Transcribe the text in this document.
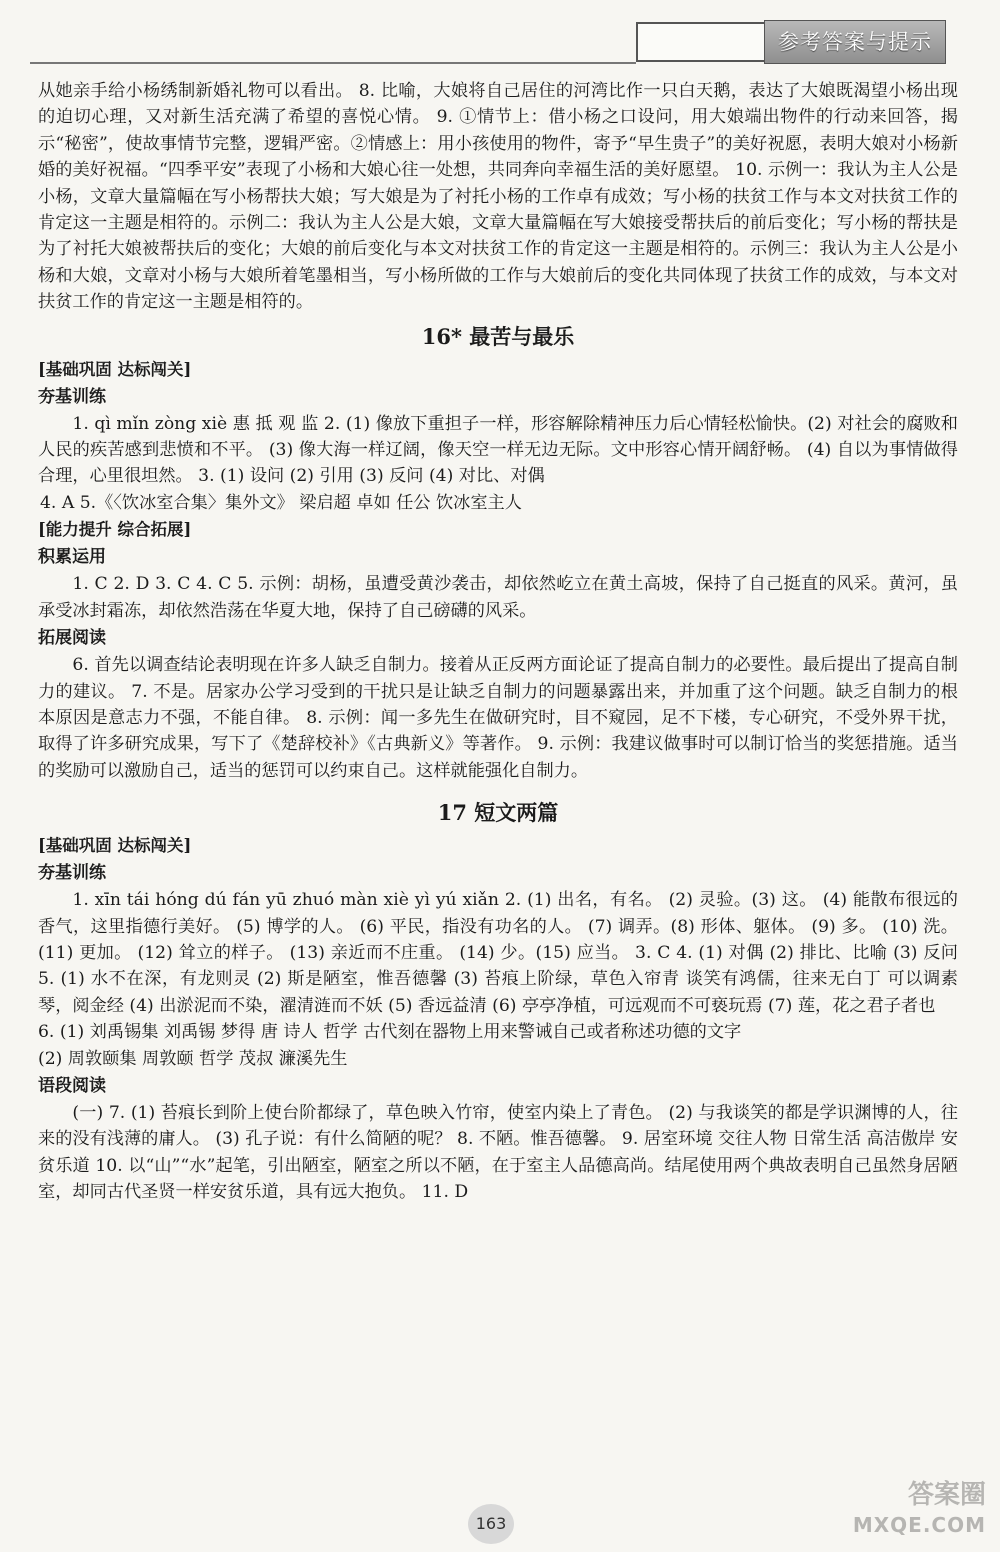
参考答案与提示

从她亲手给小杨绣制新婚礼物可以看出。 8. 比喻，大娘将自己居住的河湾比作一只白天鹅，表达了大娘既渴望小杨出现的迫切心理，又对新生活充满了希望的喜悦心情。 9. ①情节上：借小杨之口设问，用大娘端出物件的行动来回答，揭示“秘密”，使故事情节完整，逻辑严密。②情感上：用小孩使用的物件，寄予“早生贵子”的美好祝愿，表明大娘对小杨新婚的美好祝福。“四季平安”表现了小杨和大娘心往一处想，共同奔向幸福生活的美好愿望。 10. 示例一：我认为主人公是小杨，文章大量篇幅在写小杨帮扶大娘；写大娘是为了衬托小杨的工作卓有成效；写小杨的扶贫工作与本文对扶贫工作的肯定这一主题是相符的。示例二：我认为主人公是大娘，文章大量篇幅在写大娘接受帮扶后的前后变化；写小杨的帮扶是为了衬托大娘被帮扶后的变化；大娘的前后变化与本文对扶贫工作的肯定这一主题是相符的。示例三：我认为主人公是小杨和大娘，文章对小杨与大娘所着笔墨相当，写小杨所做的工作与大娘前后的变化共同体现了扶贫工作的成效，与本文对扶贫工作的肯定这一主题是相符的。

16* 最苦与最乐
[基础巩固 达标闯关]
夯基训练
1. qì mǐn zòng xiè 惠 抵 观 监 2. (1) 像放下重担子一样，形容解除精神压力后心情轻松愉快。(2) 对社会的腐败和人民的疾苦感到悲愤和不平。 (3) 像大海一样辽阔，像天空一样无边无际。文中形容心情开阔舒畅。 (4) 自以为事情做得合理，心里很坦然。 3. (1) 设问 (2) 引用 (3) 反问 (4) 对比、对偶
4. A 5.《〈饮冰室合集〉集外文》 梁启超 卓如 任公 饮冰室主人
[能力提升 综合拓展]
积累运用
1. C 2. D 3. C 4. C 5. 示例：胡杨，虽遭受黄沙袭击，却依然屹立在黄土高坡，保持了自己挺直的风采。黄河，虽承受冰封霜冻，却依然浩荡在华夏大地，保持了自己磅礴的风采。
拓展阅读
6. 首先以调查结论表明现在许多人缺乏自制力。接着从正反两方面论证了提高自制力的必要性。最后提出了提高自制力的建议。 7. 不是。居家办公学习受到的干扰只是让缺乏自制力的问题暴露出来，并加重了这个问题。缺乏自制力的根本原因是意志力不强，不能自律。 8. 示例：闻一多先生在做研究时，目不窥园，足不下楼，专心研究，不受外界干扰，取得了许多研究成果，写下了《楚辞校补》《古典新义》等著作。 9. 示例：我建议做事时可以制订恰当的奖惩措施。适当的奖励可以激励自己，适当的惩罚可以约束自己。这样就能强化自制力。
17 短文两篇
[基础巩固 达标闯关]
夯基训练
1. xīn tái hóng dú fán yū zhuó màn xiè yì yú xiǎn 2. (1) 出名，有名。 (2) 灵验。(3) 这。 (4) 能散布很远的香气，这里指德行美好。 (5) 博学的人。 (6) 平民，指没有功名的人。 (7) 调弄。(8) 形体、躯体。 (9) 多。 (10) 洗。 (11) 更加。 (12) 耸立的样子。 (13) 亲近而不庄重。 (14) 少。(15) 应当。 3. C 4. (1) 对偶 (2) 排比、比喻 (3) 反问 5. (1) 水不在深，有龙则灵 (2) 斯是陋室，惟吾德馨 (3) 苔痕上阶绿，草色入帘青 谈笑有鸿儒，往来无白丁 可以调素琴，阅金经 (4) 出淤泥而不染，濯清涟而不妖 (5) 香远益清 (6) 亭亭净植，可远观而不可亵玩焉 (7) 莲，花之君子者也
6. (1) 刘禹锡集 刘禹锡 梦得 唐 诗人 哲学 古代刻在器物上用来警诫自己或者称述功德的文字
(2) 周敦颐集 周敦颐 哲学 茂叔 濂溪先生
语段阅读
(一) 7. (1) 苔痕长到阶上使台阶都绿了，草色映入竹帘，使室内染上了青色。 (2) 与我谈笑的都是学识渊博的人，往来的没有浅薄的庸人。 (3) 孔子说：有什么简陋的呢？ 8. 不陋。惟吾德馨。 9. 居室环境 交往人物 日常生活 高洁傲岸 安贫乐道 10. 以“山”“水”起笔，引出陋室，陋室之所以不陋，在于室主人品德高尚。结尾使用两个典故表明自己虽然身居陋室，却同古代圣贤一样安贫乐道，具有远大抱负。 11. D
163
答案圈
MXQE.COM
